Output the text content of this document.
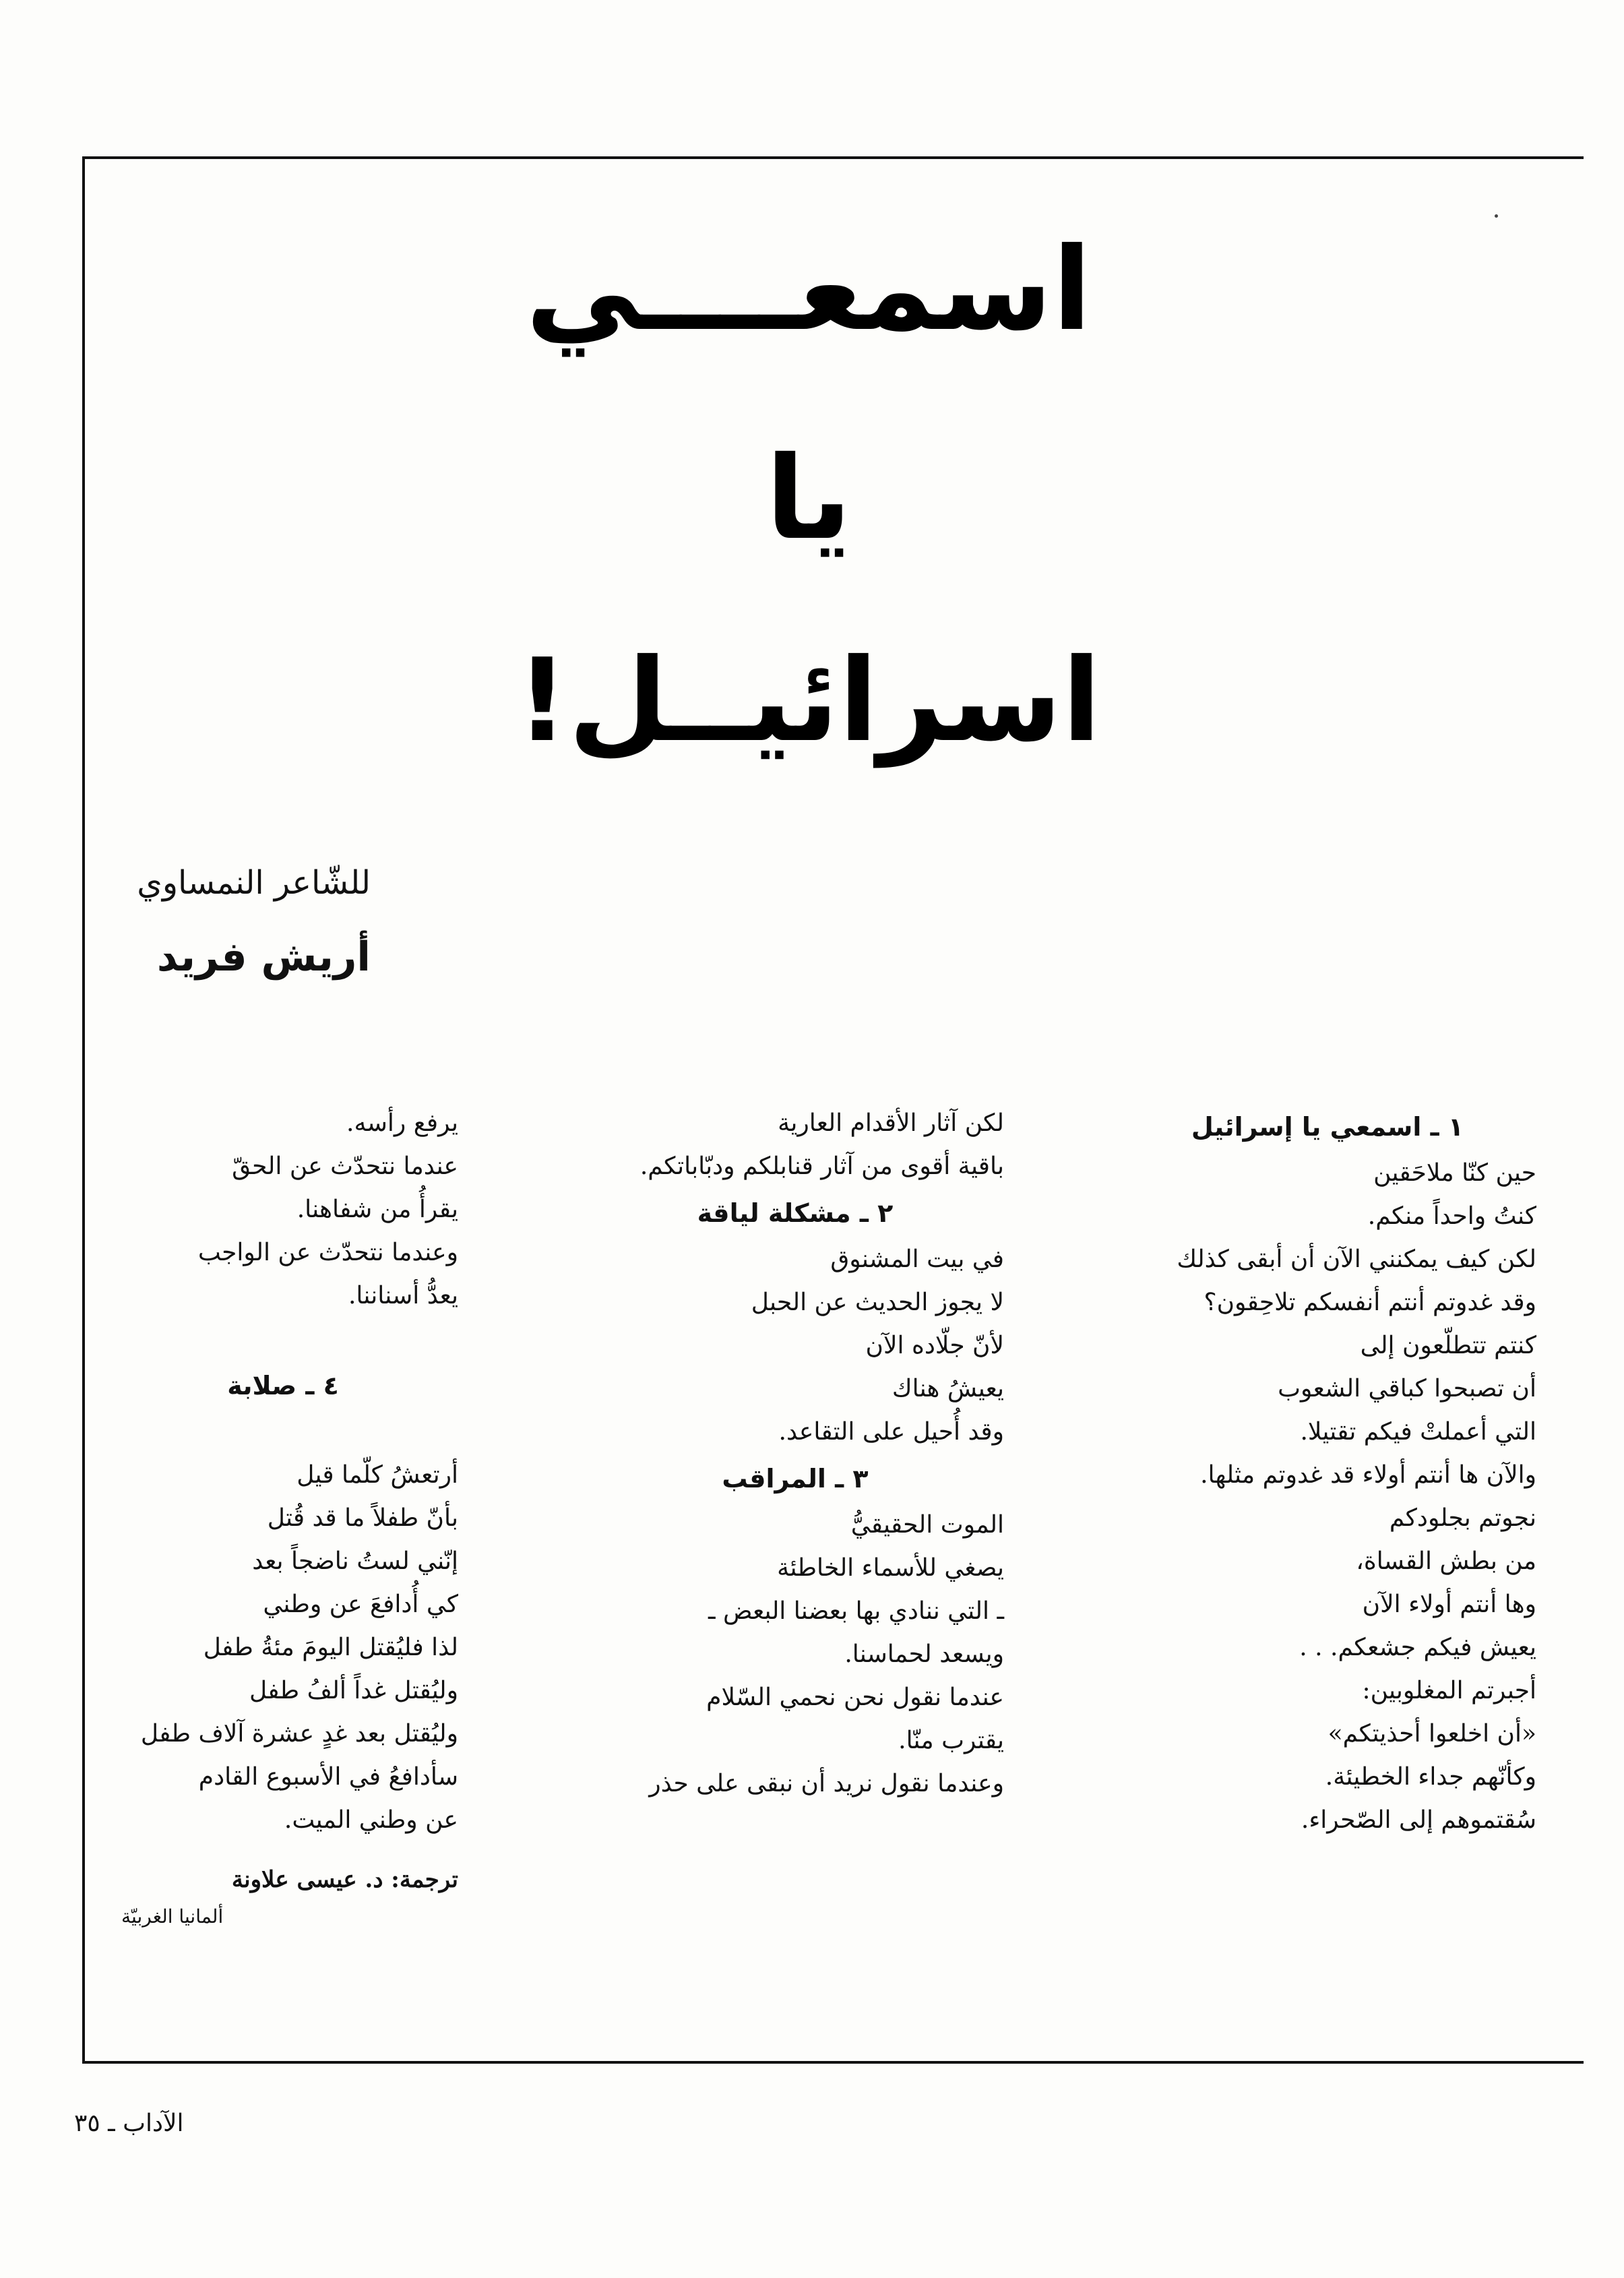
اسمعــــي
يا
اسرائيــل!
للشّاعر النمساوي
أريش فريد
١ ـ اسمعي يا إسرائيل
حين كنّا ملاحَقين
كنتُ واحداً منكم.
لكن كيف يمكنني الآن أن أبقى كذلك
وقد غدوتم أنتم أنفسكم تلاحِقون؟
كنتم تتطلّعون إلى
أن تصبحوا كباقي الشعوب
التي أعملتْ فيكم تقتيلا.
والآن ها أنتم أولاء قد غدوتم مثلها.
نجوتم بجلودكم
من بطش القساة،
وها أنتم أولاء الآن
يعيش فيكم جشعكم. . .
أجبرتم المغلوبين:
«أن اخلعوا أحذيتكم»
وكأنّهم جداء الخطيئة.
سُقتموهم إلى الصّحراء.
لكن آثار الأقدام العارية
باقية أقوى من آثار قنابلكم ودبّاباتكم.
٢ ـ مشكلة لياقة
في بيت المشنوق
لا يجوز الحديث عن الحبل
لأنّ جلّاده الآن
يعيشُ هناك
وقد أُحيل على التقاعد.
٣ ـ المراقب
الموت الحقيقيُّ
يصغي للأسماء الخاطئة
ـ التي ننادي بها بعضنا البعض ـ
ويسعد لحماسنا.
عندما نقول نحن نحمي السّلام
يقترب منّا.
وعندما نقول نريد أن نبقى على حذر
يرفع رأسه.
عندما نتحدّث عن الحقّ
يقرأُ من شفاهنا.
وعندما نتحدّث عن الواجب
يعدُّ أسناننا.
٤ ـ صلابة
أرتعشُ كلّما قيل
بأنّ طفلاً ما قد قُتل
إنّني لستُ ناضجاً بعد
كي أُدافعَ عن وطني
لذا فليُقتل اليومَ مئةُ طفل
وليُقتل غداً ألفُ طفل
وليُقتل بعد غدٍ عشرة آلاف طفل
سأدافعُ في الأسبوع القادم
عن وطني الميت.
ترجمة: د. عيسى علاونة
ألمانيا الغربيّة
الآداب ـ ٣٥
